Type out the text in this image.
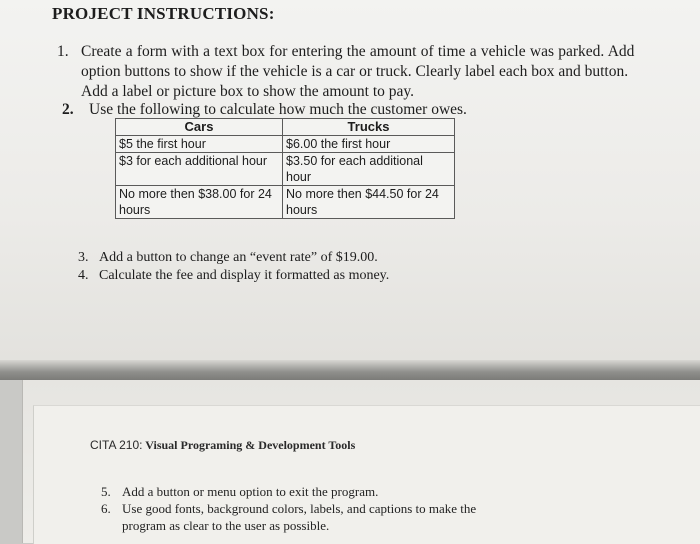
PROJECT INSTRUCTIONS:
1. Create a form with a text box for entering the amount of time a vehicle was parked. Add
option buttons to show if the vehicle is a car or truck. Clearly label each box and button.
Add a label or picture box to show the amount to pay.
2. Use the following to calculate how much the customer owes.
Cars	Trucks
$5 the first hour	$6.00 the first hour
$3 for each additional hour	$3.50 for each additional hour
No more then $38.00 for 24 hours	No more then $44.50 for 24 hours
3. Add a button to change an “event rate” of $19.00.
4. Calculate the fee and display it formatted as money.
CITA 210: Visual Programing & Development Tools
5. Add a button or menu option to exit the program.
6. Use good fonts, background colors, labels, and captions to make the
program as clear to the user as possible.
